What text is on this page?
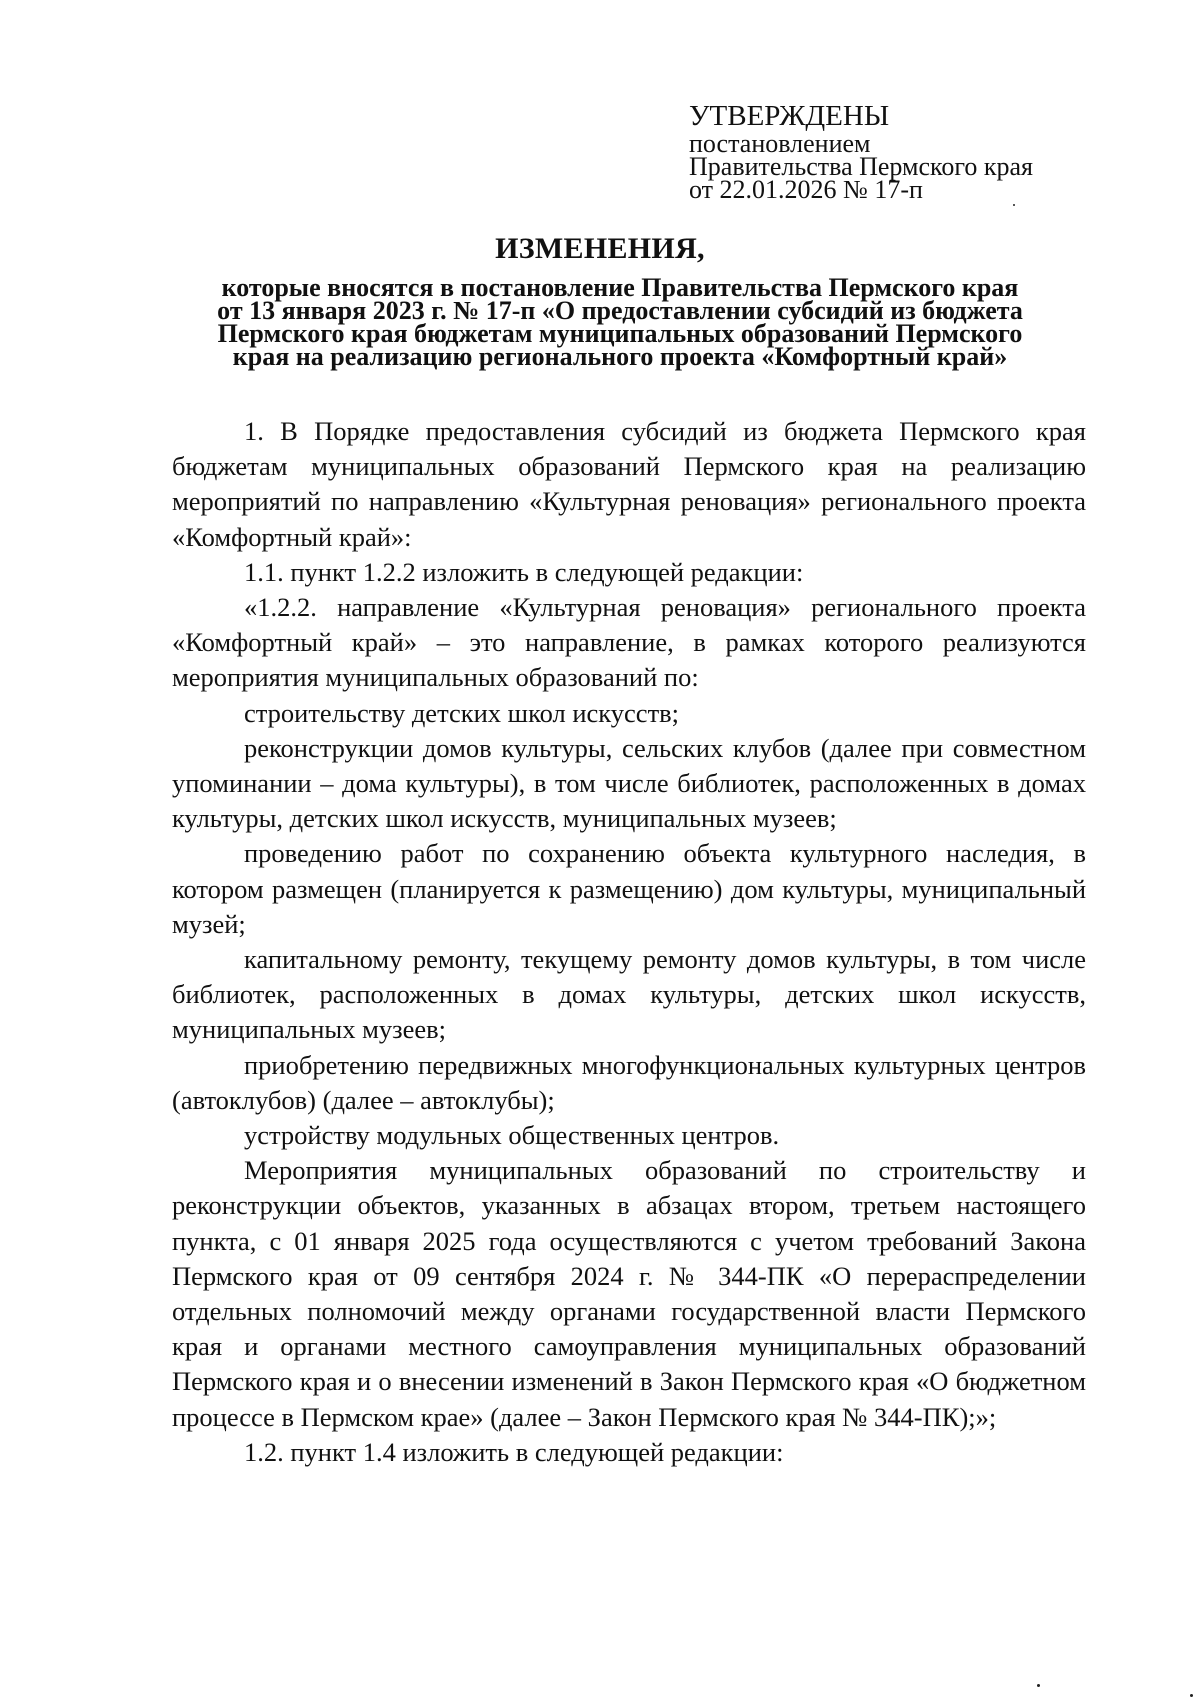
УТВЕРЖДЕНЫ
постановлением
Правительства Пермского края
от 22.01.2026 № 17-п
ИЗМЕНЕНИЯ,
которые вносятся в постановление Правительства Пермского края
от 13 января 2023 г. № 17-п «О предоставлении субсидий из бюджета
Пермского края бюджетам муниципальных образований Пермского
края на реализацию регионального проекта «Комфортный край»

1. В Порядке предоставления субсидий из бюджета Пермского края бюджетам муниципальных образований Пермского края на реализацию мероприятий по направлению «Культурная реновация» регионального проекта «Комфортный край»:

1.1. пункт 1.2.2 изложить в следующей редакции:

«1.2.2. направление «Культурная реновация» регионального проекта «Комфортный край» – это направление, в рамках которого реализуются мероприятия муниципальных образований по:

строительству детских школ искусств;

реконструкции домов культуры, сельских клубов (далее при совместном упоминании – дома культуры), в том числе библиотек, расположенных в домах культуры, детских школ искусств, муниципальных музеев;

проведению работ по сохранению объекта культурного наследия, в котором размещен (планируется к размещению) дом культуры, муниципальный музей;

капитальному ремонту, текущему ремонту домов культуры, в том числе библиотек, расположенных в домах культуры, детских школ искусств, муниципальных музеев;

приобретению передвижных многофункциональных культурных центров (автоклубов) (далее – автоклубы);

устройству модульных общественных центров.

Мероприятия муниципальных образований по строительству и реконструкции объектов, указанных в абзацах втором, третьем настоящего пункта, с 01 января 2025 года осуществляются с учетом требований Закона Пермского края от 09 сентября 2024 г. № 344-ПК «О перераспределении отдельных полномочий между органами государственной власти Пермского края и органами местного самоуправления муниципальных образований Пермского края и о внесении изменений в Закон Пермского края «О бюджетном процессе в Пермском крае» (далее – Закон Пермского края № 344-ПК);»;

1.2. пункт 1.4 изложить в следующей редакции:
